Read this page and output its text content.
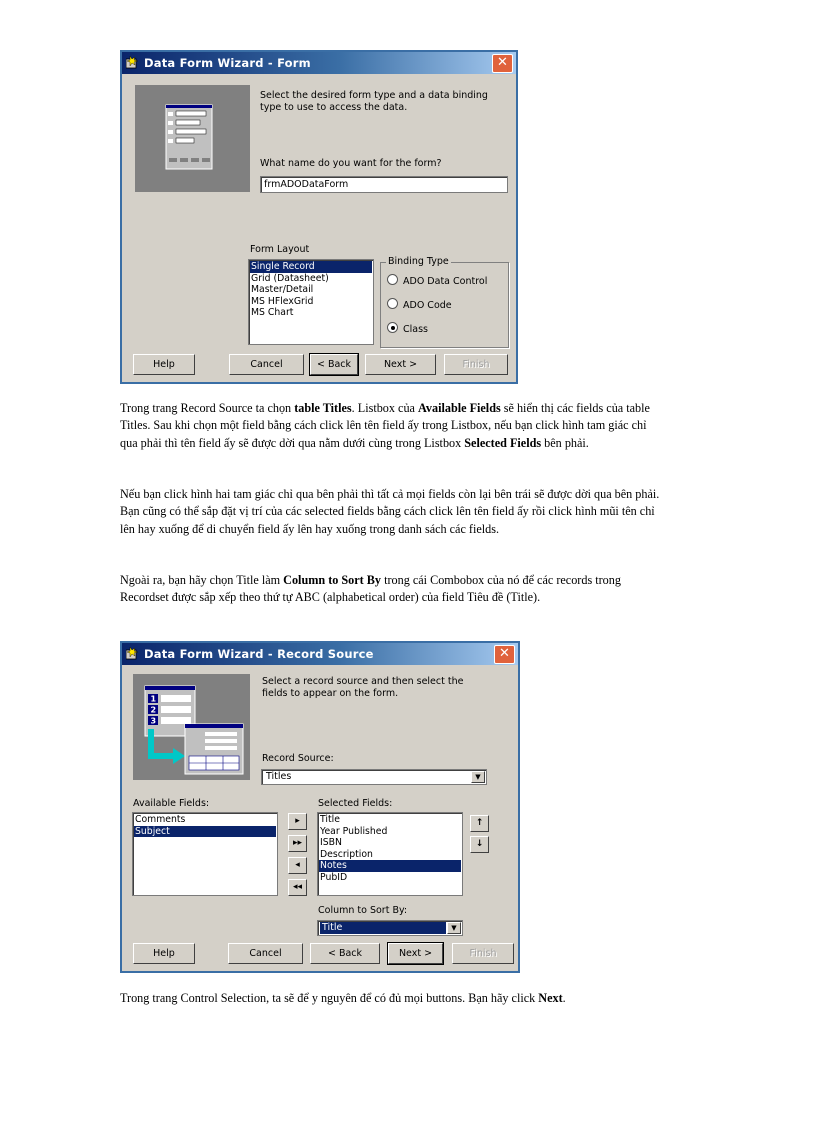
Data Form Wizard - Form	✕
Select the desired form type and a data binding type to use to access the data.
What name do you want for the form?
frmADODataForm
Form Layout
Single Record
Grid (Datasheet)
Master/Detail
MS HFlexGrid
MS Chart
Binding Type
ADO Data Control
ADO Code
Class
Help	Cancel	< Back	Next >	Finish

Trong trang Record Source ta chọn table Titles. Listbox của Available Fields sẽ hiển thị các fields của table Titles. Sau khi chọn một field bằng cách click lên tên field ấy trong Listbox, nếu bạn click hình tam giác chỉ qua phải thì tên field ấy sẽ được dời qua nằm dưới cùng trong Listbox Selected Fields bên phải.

Nếu bạn click hình hai tam giác chỉ qua bên phải thì tất cả mọi fields còn lại bên trái sẽ được dời qua bên phải. Bạn cũng có thể sắp đặt vị trí của các selected fields bằng cách click lên tên field ấy rồi click hình mũi tên chỉ lên hay xuống để di chuyển field ấy lên hay xuống trong danh sách các fields.

Ngoài ra, bạn hãy chọn Title làm Column to Sort By trong cái Combobox của nó để các records trong Recordset được sắp xếp theo thứ tự ABC (alphabetical order) của field Tiêu đề (Title).

Data Form Wizard - Record Source	✕
1
2
3
Select a record source and then select the fields to appear on the form.
Record Source:
Titles	▼
Available Fields:
Comments
Subject
▸
▸▸
◂
◂◂
Selected Fields:
Title
Year Published
ISBN
Description
Notes
PubID
↑
↓
Column to Sort By:
Title	▼
Help	Cancel	< Back	Next >	Finish

Trong trang Control Selection, ta sẽ để y nguyên để có đủ mọi buttons. Bạn hãy click Next.
